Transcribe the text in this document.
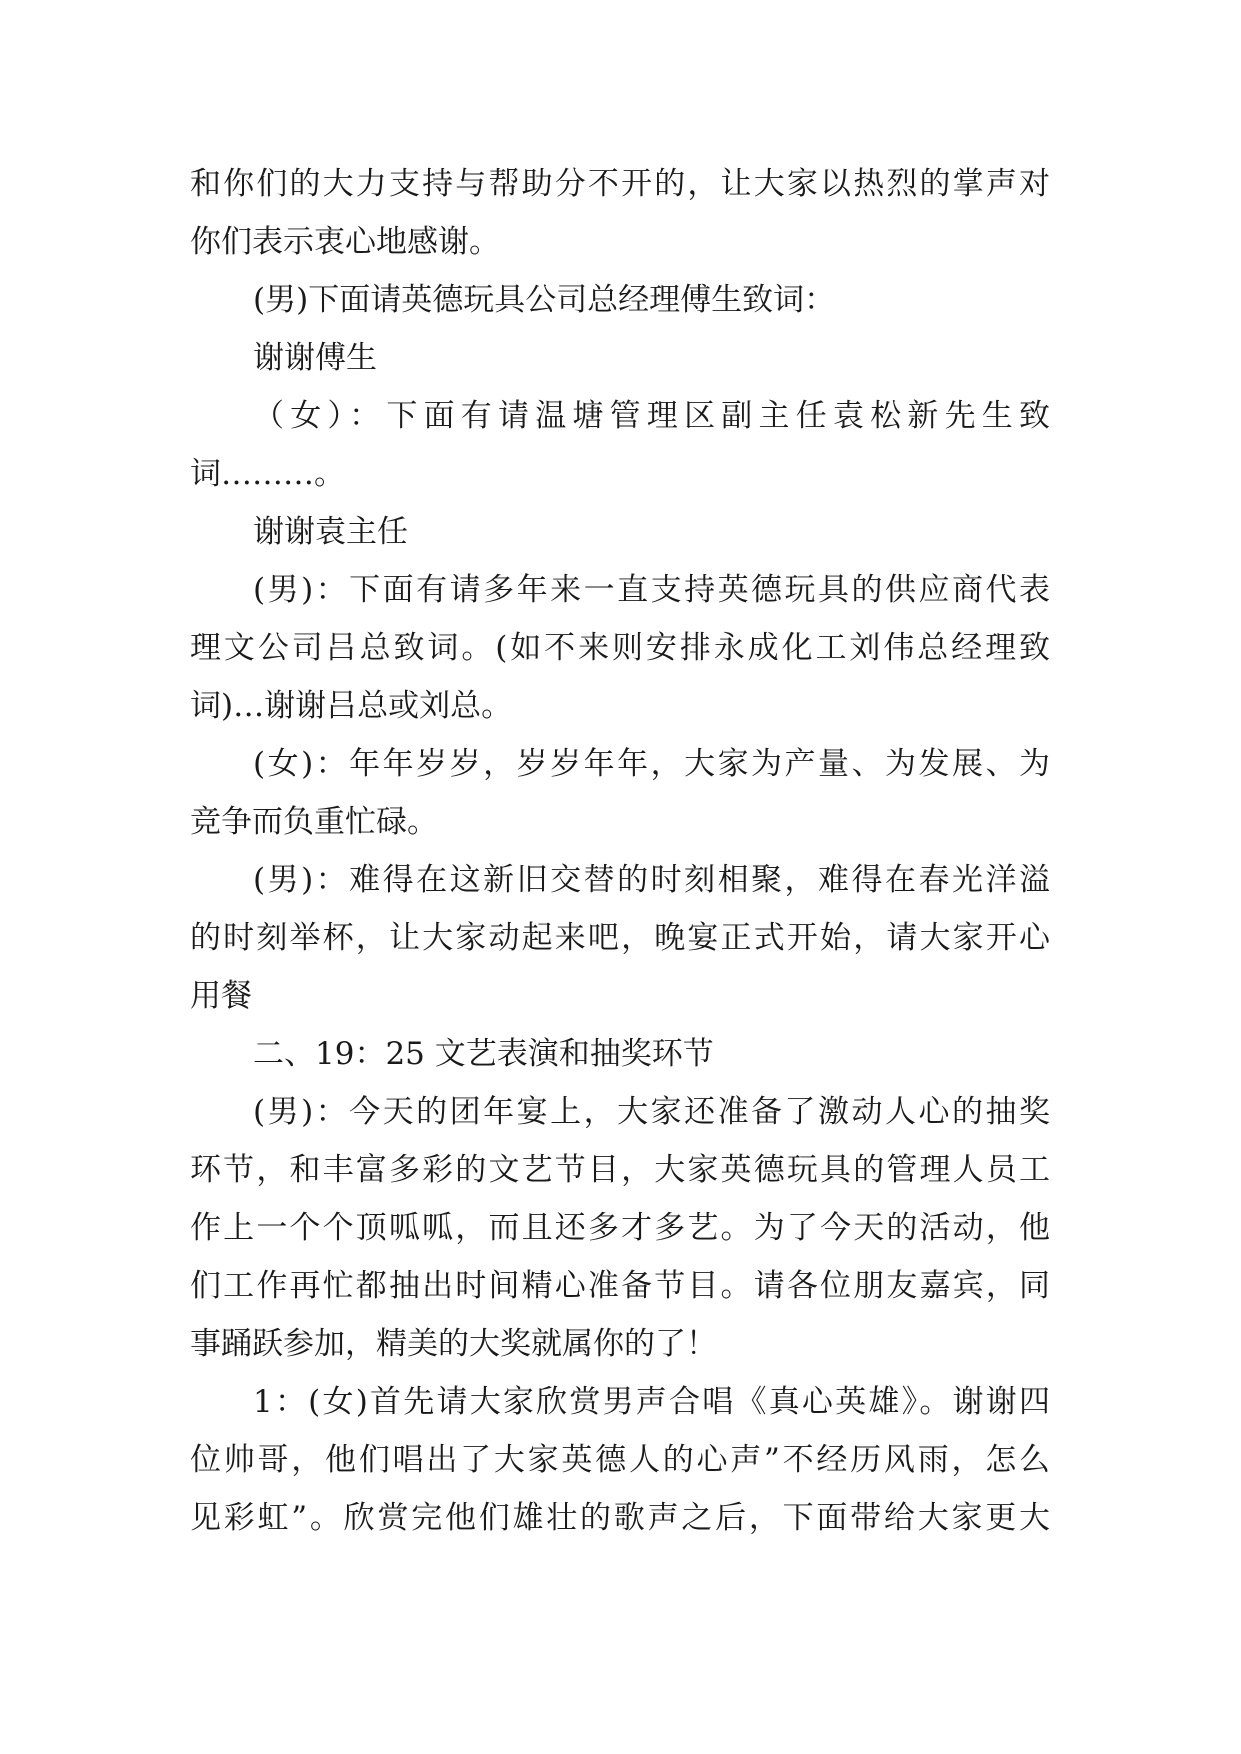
和你们的大力支持与帮助分不开的，让大家以热烈的掌声对
你们表示衷心地感谢。
(男)下面请英德玩具公司总经理傅生致词：
谢谢傅生
（女）：下面有请温塘管理区副主任袁松新先生致
词………。
谢谢袁主任
(男)：下面有请多年来一直支持英德玩具的供应商代表
理文公司吕总致词。(如不来则安排永成化工刘伟总经理致
词)…谢谢吕总或刘总。
(女)：年年岁岁，岁岁年年，大家为产量、为发展、为
竞争而负重忙碌。
(男)：难得在这新旧交替的时刻相聚，难得在春光洋溢
的时刻举杯，让大家动起来吧，晚宴正式开始，请大家开心
用餐
二、19：25 文艺表演和抽奖环节
(男)：今天的团年宴上，大家还准备了激动人心的抽奖
环节，和丰富多彩的文艺节目，大家英德玩具的管理人员工
作上一个个顶呱呱，而且还多才多艺。为了今天的活动，他
们工作再忙都抽出时间精心准备节目。请各位朋友嘉宾，同
事踊跃参加，精美的大奖就属你的了！
1：(女)首先请大家欣赏男声合唱《真心英雄》。谢谢四
位帅哥，他们唱出了大家英德人的心声”不经历风雨，怎么
见彩虹”。欣赏完他们雄壮的歌声之后，下面带给大家更大
